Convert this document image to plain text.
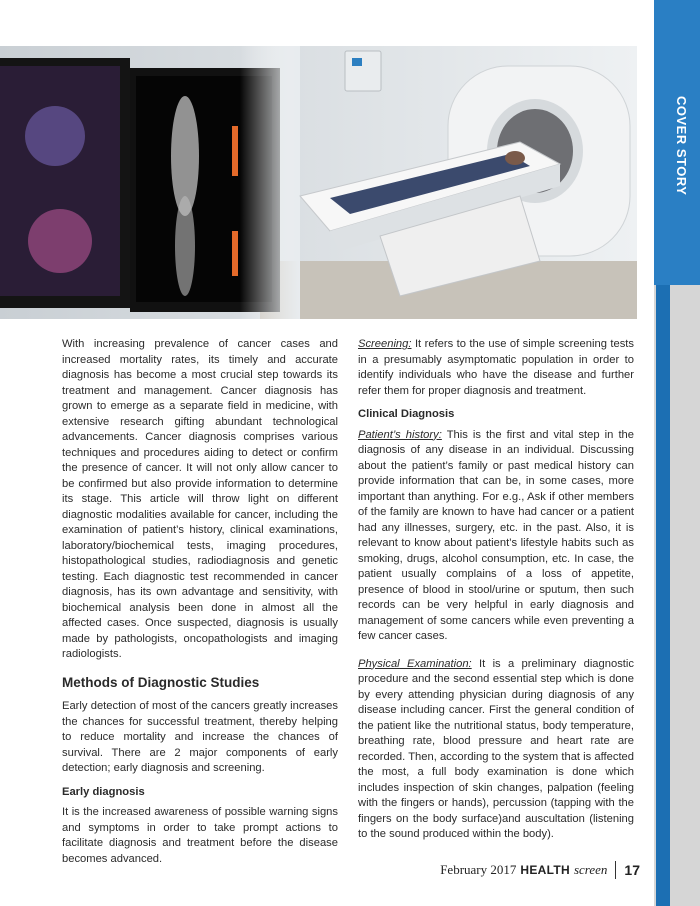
COVER STORY

With increasing prevalence of cancer cases and increased mortality rates, its timely and accurate diagnosis has become a most crucial step towards its treatment and management. Cancer diagnosis has grown to emerge as a separate field in medicine, with extensive research gifting abundant technological advancements. Cancer diagnosis comprises various techniques and procedures aiding to detect or confirm the presence of cancer. It will not only allow cancer to be confirmed but also provide information to determine its stage. This article will throw light on different diagnostic modalities available for cancer, including the examination of patient’s history, clinical examinations, laboratory/biochemical tests, imaging procedures, histopathological studies, radiodiagnosis and genetic testing. Each diagnostic test recommended in cancer diagnosis, has its own advantage and sensitivity, with biochemical analysis been done in almost all the affected cases. Once suspected, diagnosis is usually made by pathologists, oncopathologists and imaging radiologists.

Methods of Diagnostic Studies

Early detection of most of the cancers greatly increases the chances for successful treatment, thereby helping to reduce mortality and increase the chances of survival. There are 2 major components of early detection; early diagnosis and screening.

Early diagnosis

It is the increased awareness of possible warning signs and symptoms in order to take prompt actions to facilitate diagnosis and treatment before the disease becomes advanced.

Screening: It refers to the use of simple screening tests in a presumably asymptomatic population in order to identify individuals who have the disease and further refer them for proper diagnosis and treatment.

Clinical Diagnosis

Patient’s history: This is the first and vital step in the diagnosis of any disease in an individual. Discussing about the patient’s family or past medical history can provide information that can be, in some cases, more important than anything. For e.g., Ask if other members of the family are known to have had cancer or a patient had any illnesses, surgery, etc. in the past. Also, it is relevant to know about patient’s lifestyle habits such as smoking, drugs, alcohol consumption, etc. In case, the patient usually complains of a loss of appetite, presence of blood in stool/urine or sputum, then such records can be very helpful in early diagnosis and management of some cancers while even preventing a few cancer cases.

Physical Examination: It is a preliminary diagnostic procedure and the second essential step which is done by every attending physician during diagnosis of any disease including cancer. First the general condition of the patient like the nutritional status, body temperature, breathing rate, blood pressure and heart rate are recorded. Then, according to the system that is affected the most, a full body examination is done which includes inspection of skin changes, palpation (feeling with the fingers or hands), percussion (tapping with the fingers on the body surface)and auscultation (listening to the sound produced within the body).

February 2017 HEALTH screen 17
